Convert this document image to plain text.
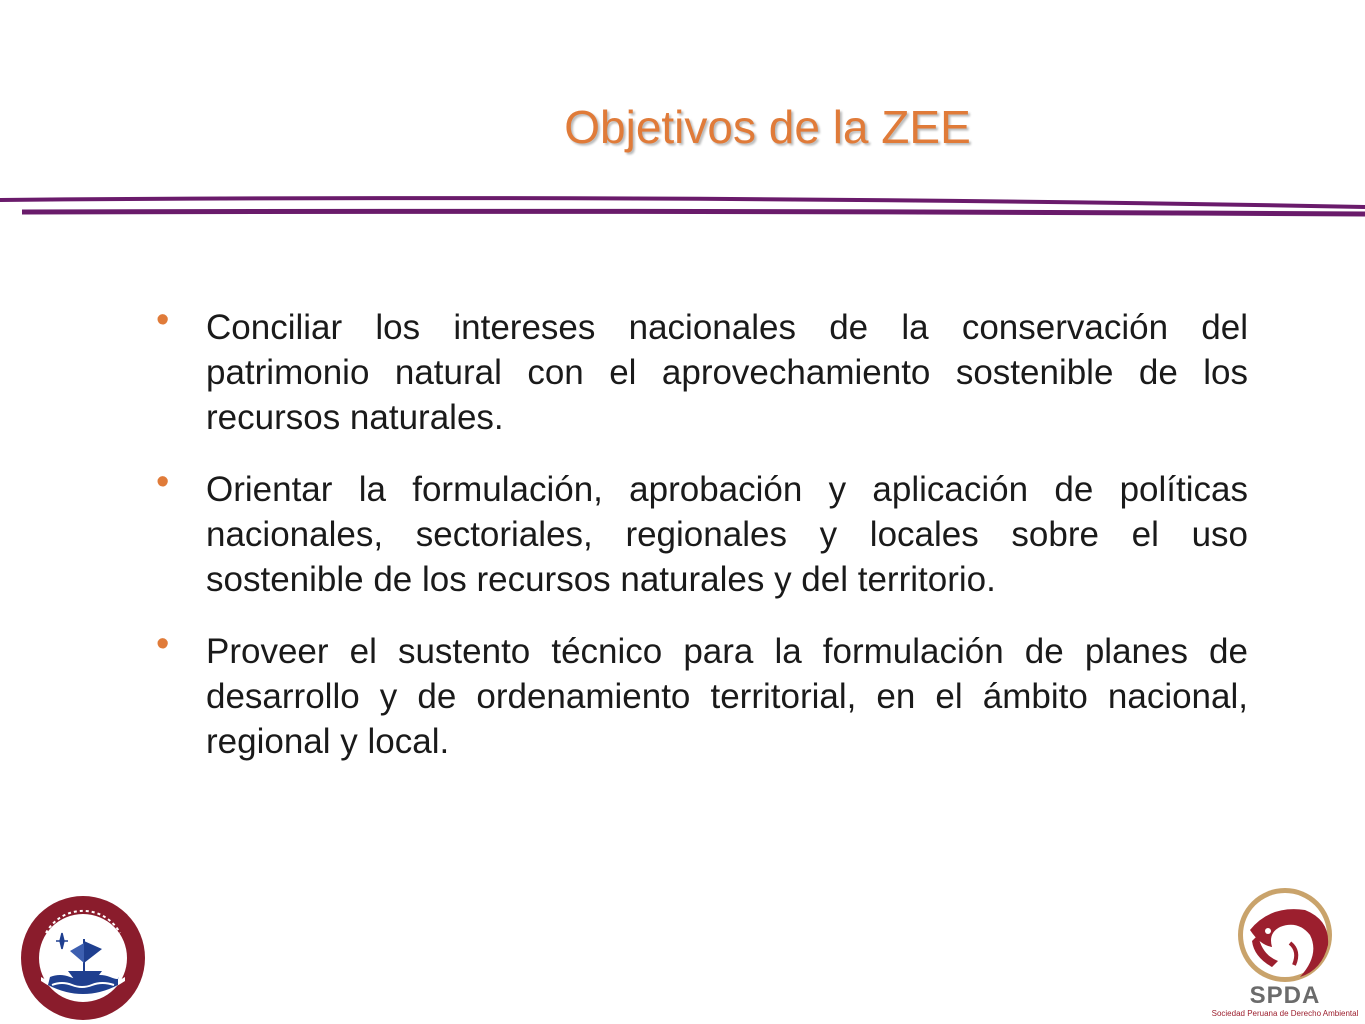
Objetivos de la ZEE
• Conciliar los intereses nacionales de la conservación del patrimonio natural con el aprovechamiento sostenible de los recursos naturales.
• Orientar la formulación, aprobación y aplicación de políticas nacionales, sectoriales, regionales y locales sobre el uso sostenible de los recursos naturales y del territorio.
• Proveer el sustento técnico para la formulación de planes de desarrollo y de ordenamiento territorial, en el ámbito nacional, regional y local.
SPDA
Sociedad Peruana de Derecho Ambiental
